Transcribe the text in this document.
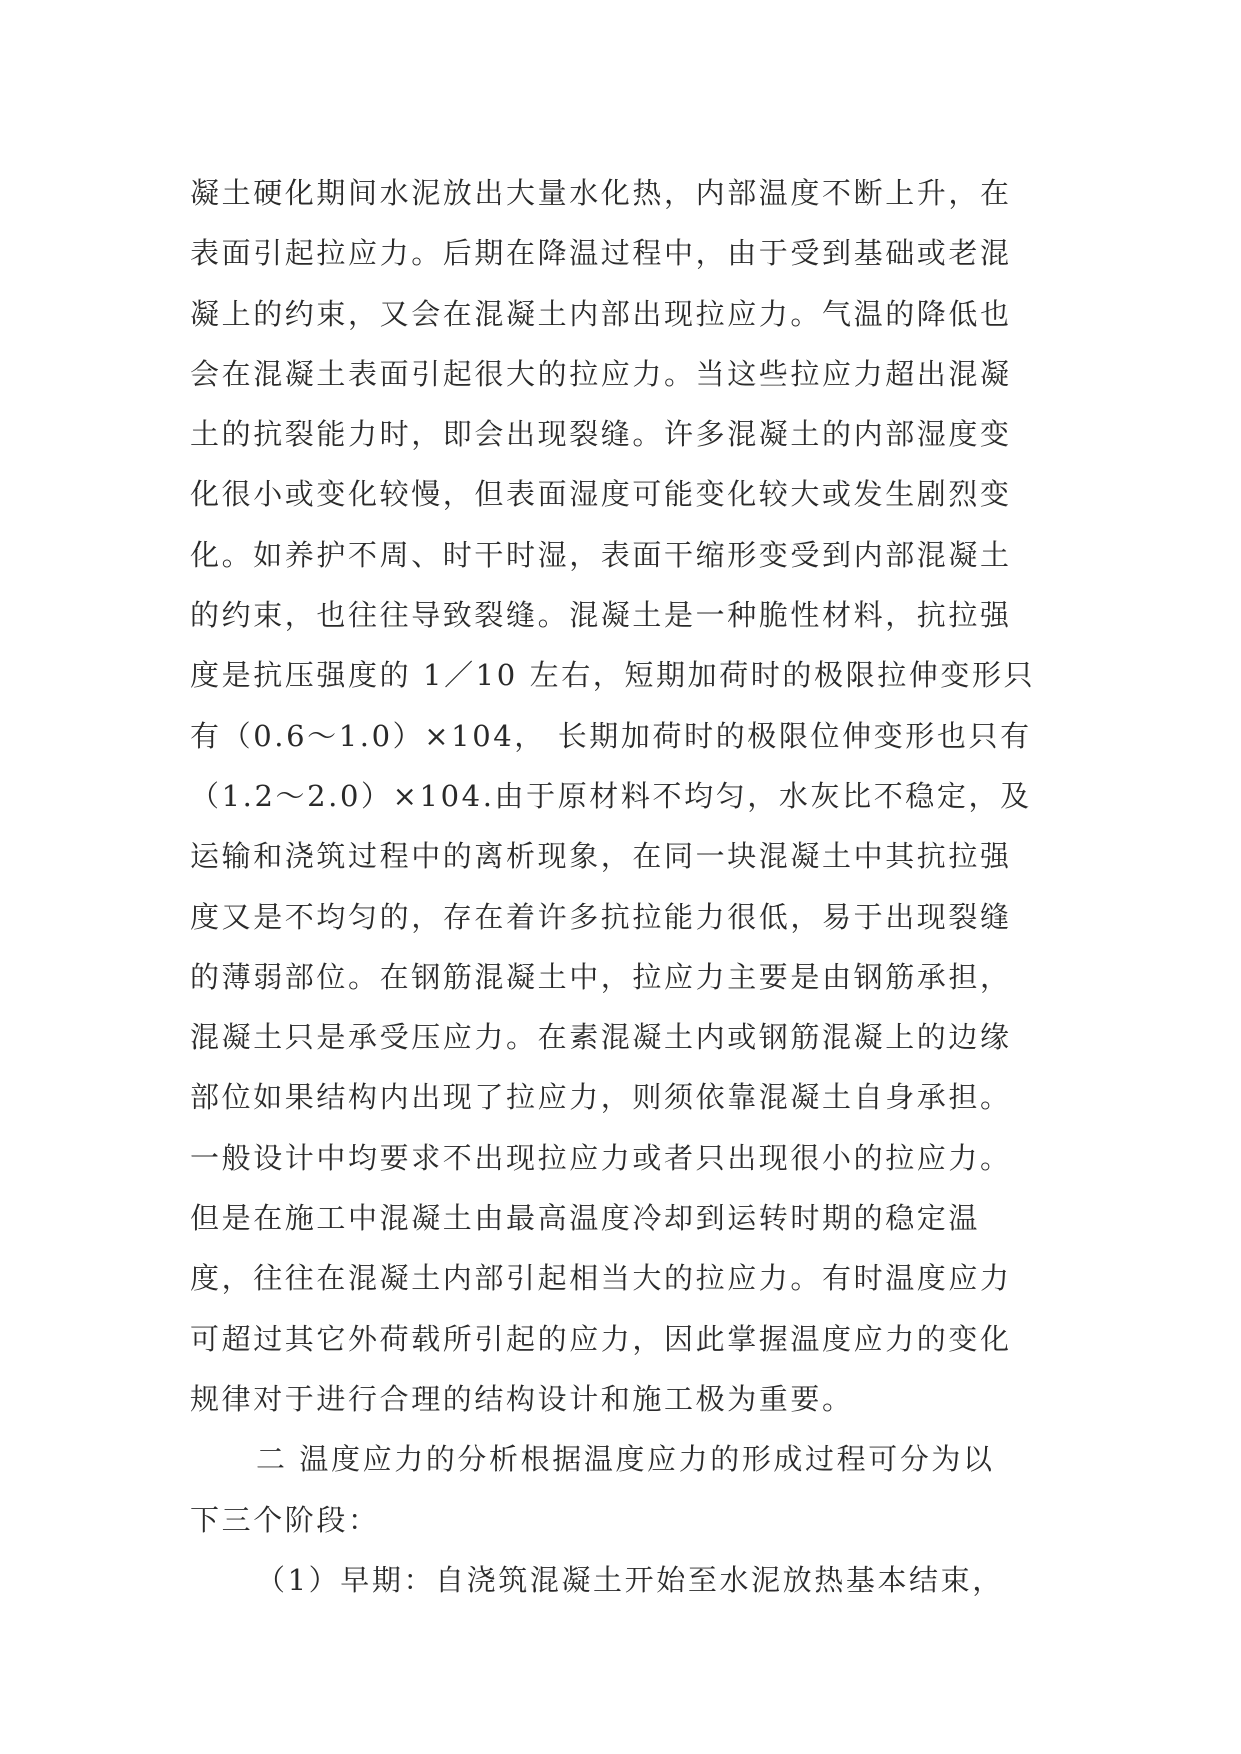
凝土硬化期间水泥放出大量水化热，内部温度不断上升，在
表面引起拉应力。后期在降温过程中，由于受到基础或老混
凝上的约束，又会在混凝土内部出现拉应力。气温的降低也
会在混凝土表面引起很大的拉应力。当这些拉应力超出混凝
土的抗裂能力时，即会出现裂缝。许多混凝土的内部湿度变
化很小或变化较慢，但表面湿度可能变化较大或发生剧烈变
化。如养护不周、时干时湿，表面干缩形变受到内部混凝土
的约束，也往往导致裂缝。混凝土是一种脆性材料，抗拉强
度是抗压强度的 1／10 左右，短期加荷时的极限拉伸变形只
有（0.6～1.0）×104， 长期加荷时的极限位伸变形也只有
（1.2～2.0）×104.由于原材料不均匀，水灰比不稳定，及
运输和浇筑过程中的离析现象，在同一块混凝土中其抗拉强
度又是不均匀的，存在着许多抗拉能力很低，易于出现裂缝
的薄弱部位。在钢筋混凝土中，拉应力主要是由钢筋承担，
混凝土只是承受压应力。在素混凝土内或钢筋混凝上的边缘
部位如果结构内出现了拉应力，则须依靠混凝土自身承担。
一般设计中均要求不出现拉应力或者只出现很小的拉应力。
但是在施工中混凝土由最高温度冷却到运转时期的稳定温
度，往往在混凝土内部引起相当大的拉应力。有时温度应力
可超过其它外荷载所引起的应力，因此掌握温度应力的变化
规律对于进行合理的结构设计和施工极为重要。
二 温度应力的分析根据温度应力的形成过程可分为以
下三个阶段：
（1）早期：自浇筑混凝土开始至水泥放热基本结束，
